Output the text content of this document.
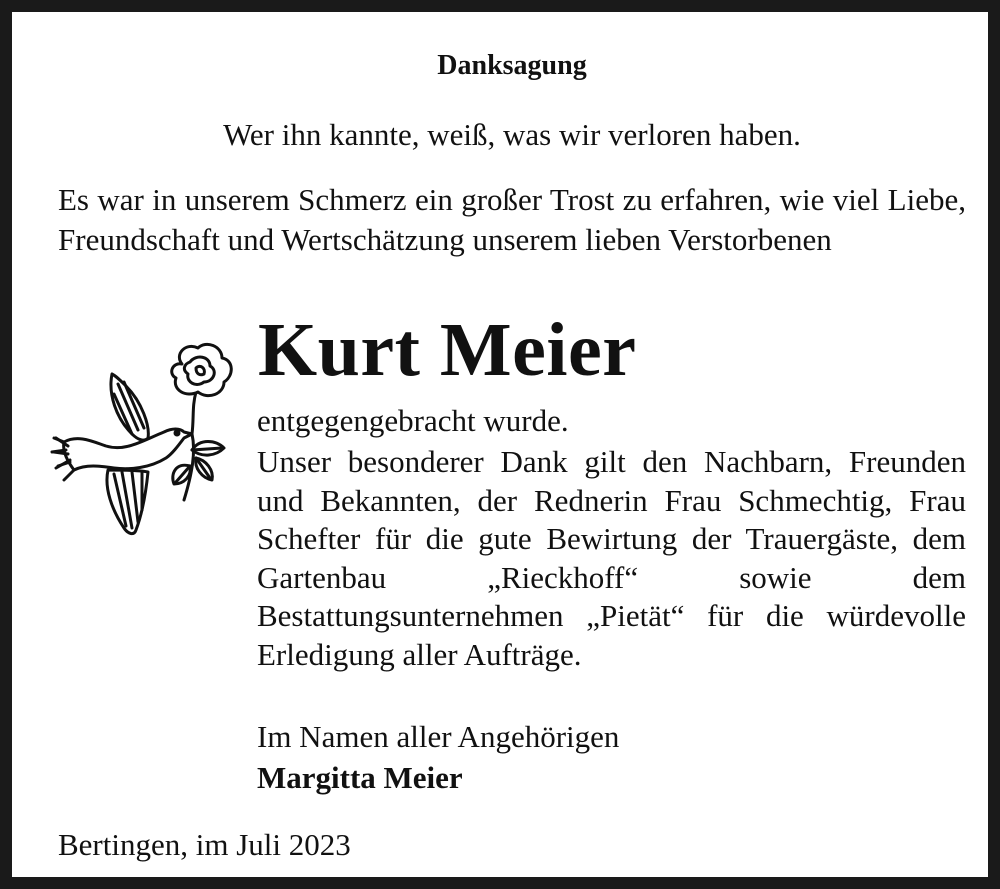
Danksagung
Wer ihn kannte, weiß, was wir verloren haben.
Es war in unserem Schmerz ein großer Trost zu erfahren, wie viel Liebe, Freundschaft und Wertschätzung unserem lieben Verstorbenen
Kurt Meier
entgegengebracht wurde.
Unser besonderer Dank gilt den Nachbarn, Freunden und Bekannten, der Rednerin Frau Schmechtig, Frau Schefter für die gute Bewirtung der Trauergäste, dem Gartenbau „Rieckhoff“ sowie dem Bestattungsunternehmen „Pietät“ für die würdevolle Erledigung aller Aufträge.
Im Namen aller Angehörigen
Margitta Meier
Bertingen, im Juli 2023
